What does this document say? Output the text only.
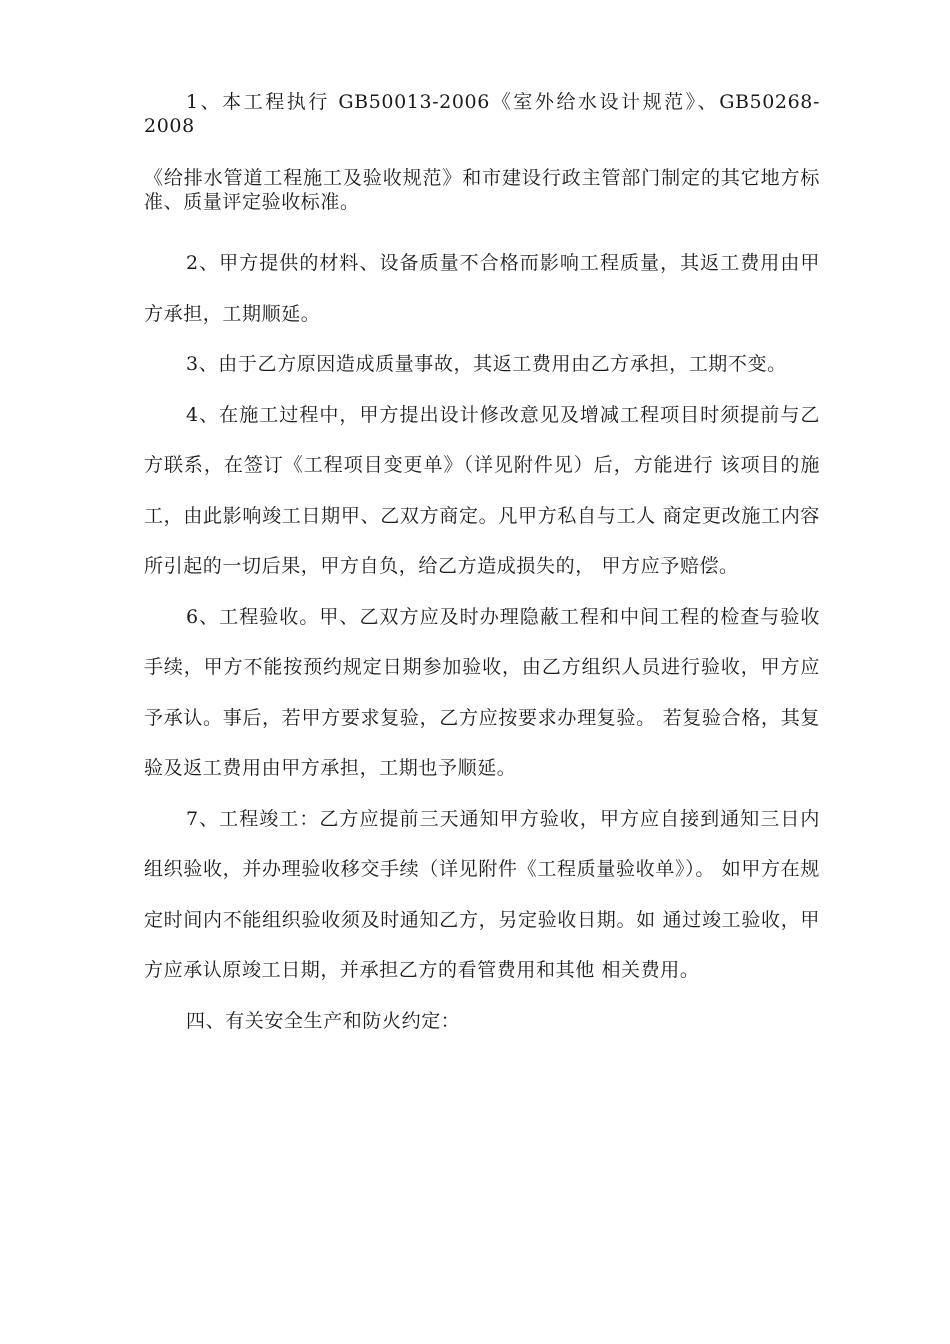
1、本工程执行 GB50013-2006《室外给水设计规范》、GB50268-2008

《给排水管道工程施工及验收规范》和市建设行政主管部门制定的其它地方标准、质量评定验收标准。

2、甲方提供的材料、设备质量不合格而影响工程质量，其返工费用由甲方承担，工期顺延。

3、由于乙方原因造成质量事故，其返工费用由乙方承担，工期不变。

4、在施工过程中，甲方提出设计修改意见及增减工程项目时须提前与乙方联系，在签订《工程项目变更单》（详见附件见）后，方能进行 该项目的施工，由此影响竣工日期甲、乙双方商定。凡甲方私自与工人 商定更改施工内容所引起的一切后果，甲方自负，给乙方造成损失的， 甲方应予赔偿。

6、工程验收。甲、乙双方应及时办理隐蔽工程和中间工程的检查与验收手续，甲方不能按预约规定日期参加验收，由乙方组织人员进行验收，甲方应予承认。事后，若甲方要求复验，乙方应按要求办理复验。 若复验合格，其复验及返工费用由甲方承担，工期也予顺延。

7、工程竣工：乙方应提前三天通知甲方验收，甲方应自接到通知三日内组织验收，并办理验收移交手续（详见附件《工程质量验收单》）。 如甲方在规定时间内不能组织验收须及时通知乙方，另定验收日期。如 通过竣工验收，甲方应承认原竣工日期，并承担乙方的看管费用和其他 相关费用。

四、有关安全生产和防火约定：
